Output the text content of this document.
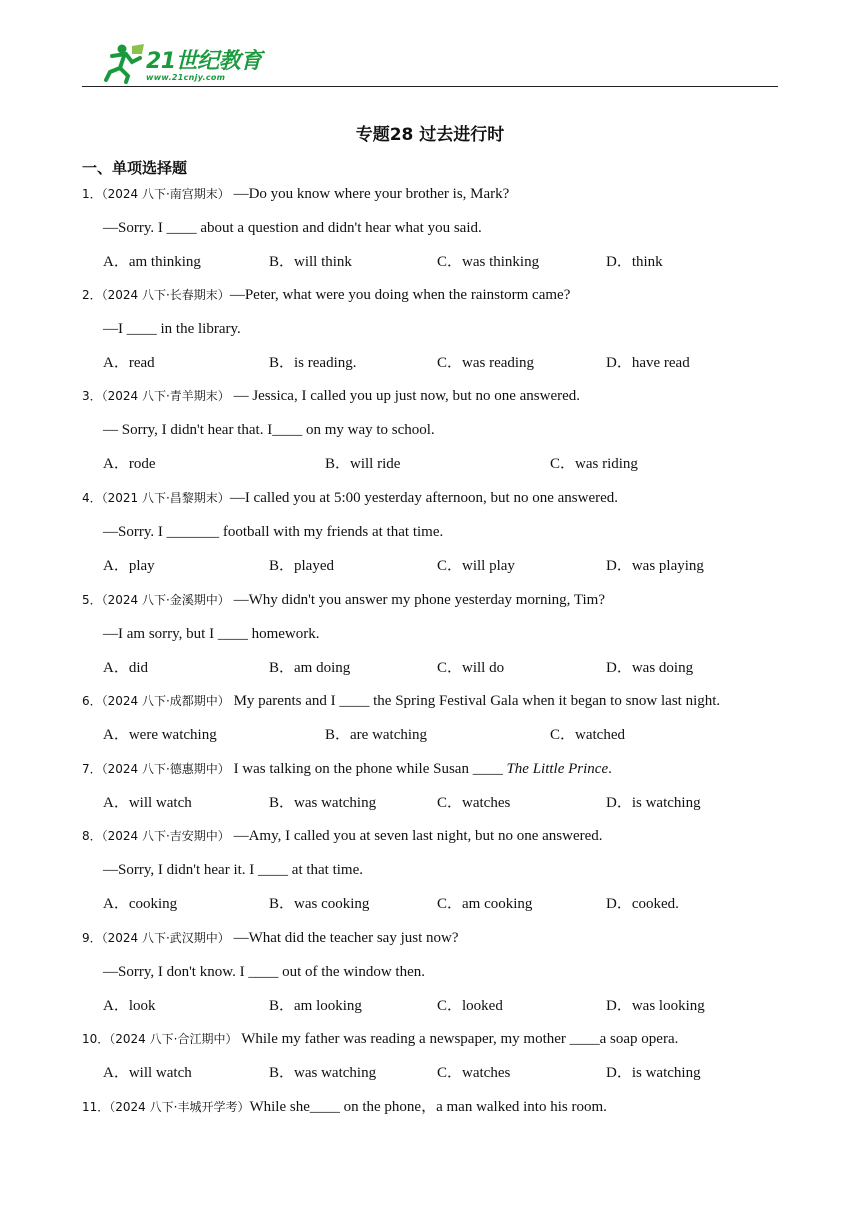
21世纪教育
www.21cnjy.com
专题28 过去进行时
一、单项选择题
1．（2024 八下·南宫期末） —Do you know where your brother is, Mark?
—Sorry. I ____ about a question and didn't hear what you said.
A．am thinking	B．will think	C．was thinking	D．think
2．（2024 八下·长春期末）—Peter, what were you doing when the rainstorm came?
—I ____ in the library.
A．read	B．is reading.	C．was reading	D．have read
3．（2024 八下·青羊期末） — Jessica, I called you up just now, but no one answered.
— Sorry, I didn't hear that. I____ on my way to school.
A．rode	B．will ride	C．was riding
4．（2021 八下·昌黎期末）—I called you at 5:00 yesterday afternoon, but no one answered.
—Sorry. I _______ football with my friends at that time.
A．play	B．played	C．will play	D．was playing
5．（2024 八下·金溪期中） —Why didn't you answer my phone yesterday morning, Tim?
—I am sorry, but I ____ homework.
A．did	B．am doing	C．will do	D．was doing
6．（2024 八下·成都期中） My parents and I ____ the Spring Festival Gala when it began to snow last night.
A．were watching	B．are watching	C．watched
7．（2024 八下·德惠期中） I was talking on the phone while Susan ____ The Little Prince.
A．will watch	B．was watching	C．watches	D．is watching
8．（2024 八下·吉安期中） —Amy, I called you at seven last night, but no one answered.
—Sorry, I didn't hear it. I ____ at that time.
A．cooking	B．was cooking	C．am cooking	D．cooked.
9．（2024 八下·武汉期中） —What did the teacher say just now?
—Sorry, I don't know. I ____ out of the window then.
A．look	B．am looking	C．looked	D．was looking
10．（2024 八下·合江期中） While my father was reading a newspaper, my mother ____a soap opera.
A．will watch	B．was watching	C．watches	D．is watching
11．（2024 八下·丰城开学考）While she____ on the phone，a man walked into his room.
